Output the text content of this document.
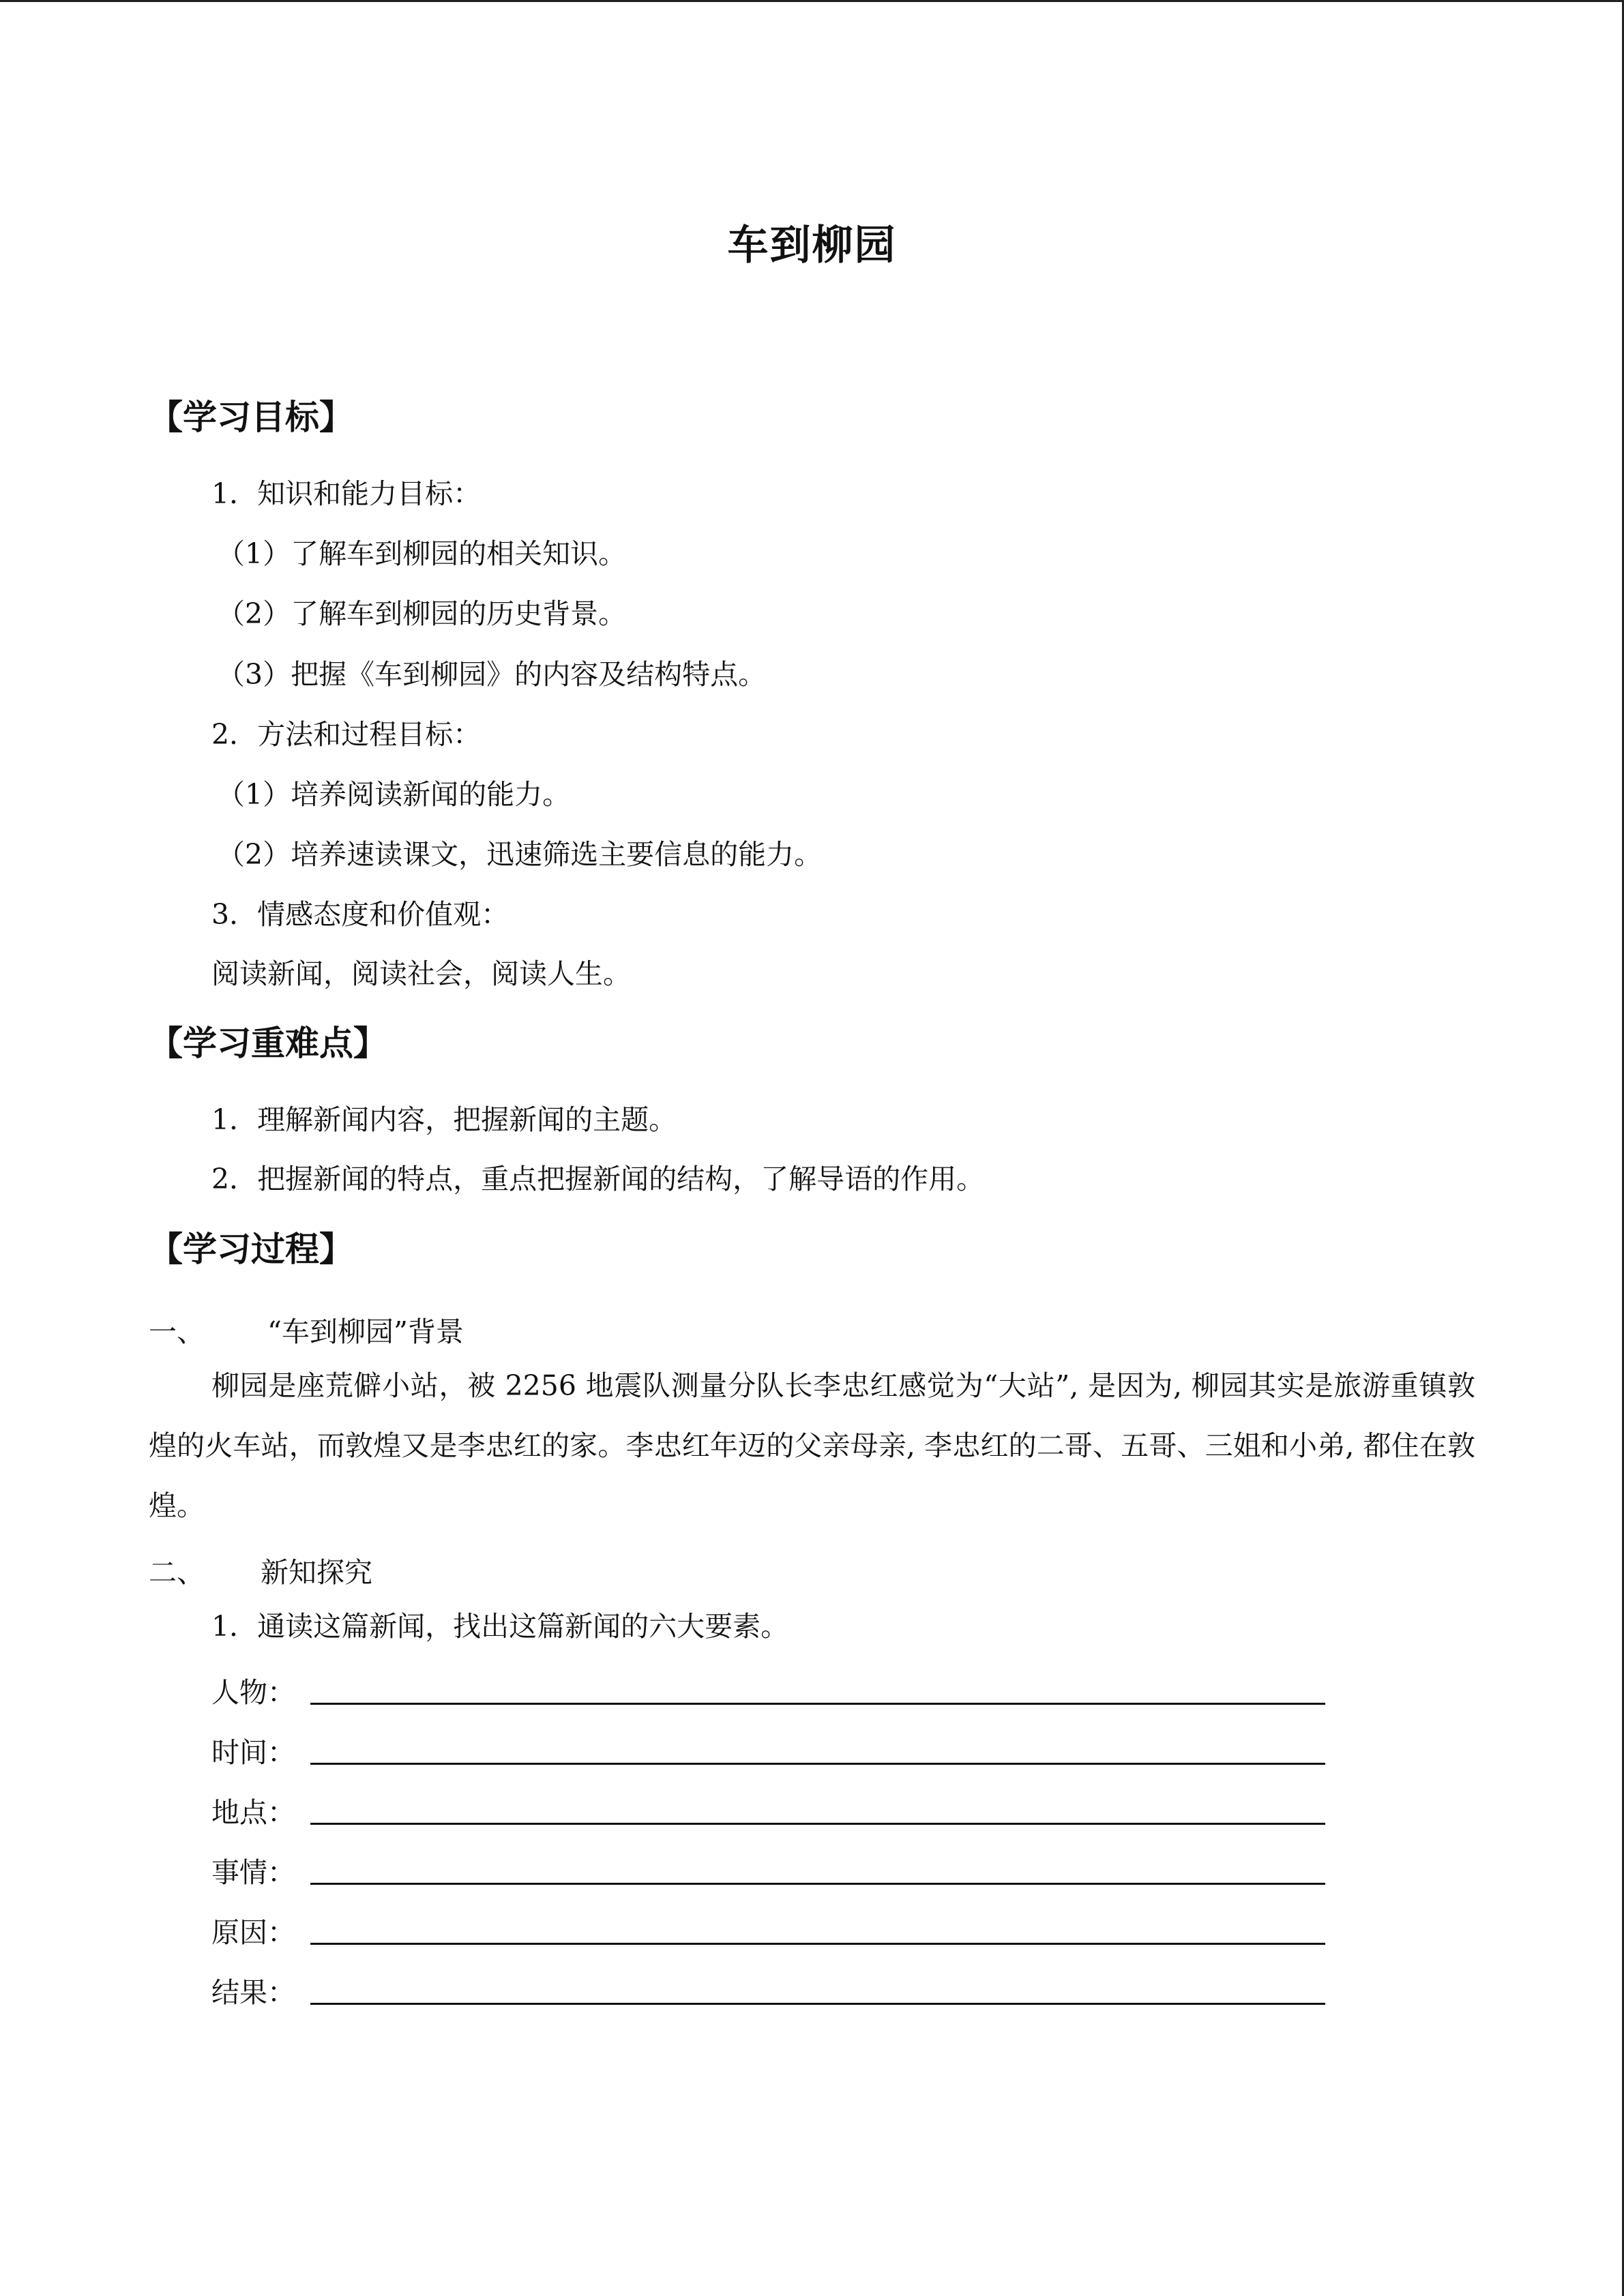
车到柳园
【学习目标】
1．知识和能力目标：
（1）了解车到柳园的相关知识。
（2）了解车到柳园的历史背景。
（3）把握《车到柳园》的内容及结构特点。
2．方法和过程目标：
（1）培养阅读新闻的能力。
（2）培养速读课文，迅速筛选主要信息的能力。
3．情感态度和价值观：
阅读新闻，阅读社会，阅读人生。
【学习重难点】
1．理解新闻内容，把握新闻的主题。
2．把握新闻的特点，重点把握新闻的结构，了解导语的作用。
【学习过程】
一、 “车到柳园”背景
柳园是座荒僻小站，被 2256 地震队测量分队长李忠红感觉为“大站”, 是因为, 柳园其实是旅游重镇敦煌的火车站，而敦煌又是李忠红的家。李忠红年迈的父亲母亲, 李忠红的二哥、五哥、三姐和小弟, 都住在敦煌。
二、 新知探究
1．通读这篇新闻，找出这篇新闻的六大要素。
人物：
时间：
地点：
事情：
原因：
结果：
